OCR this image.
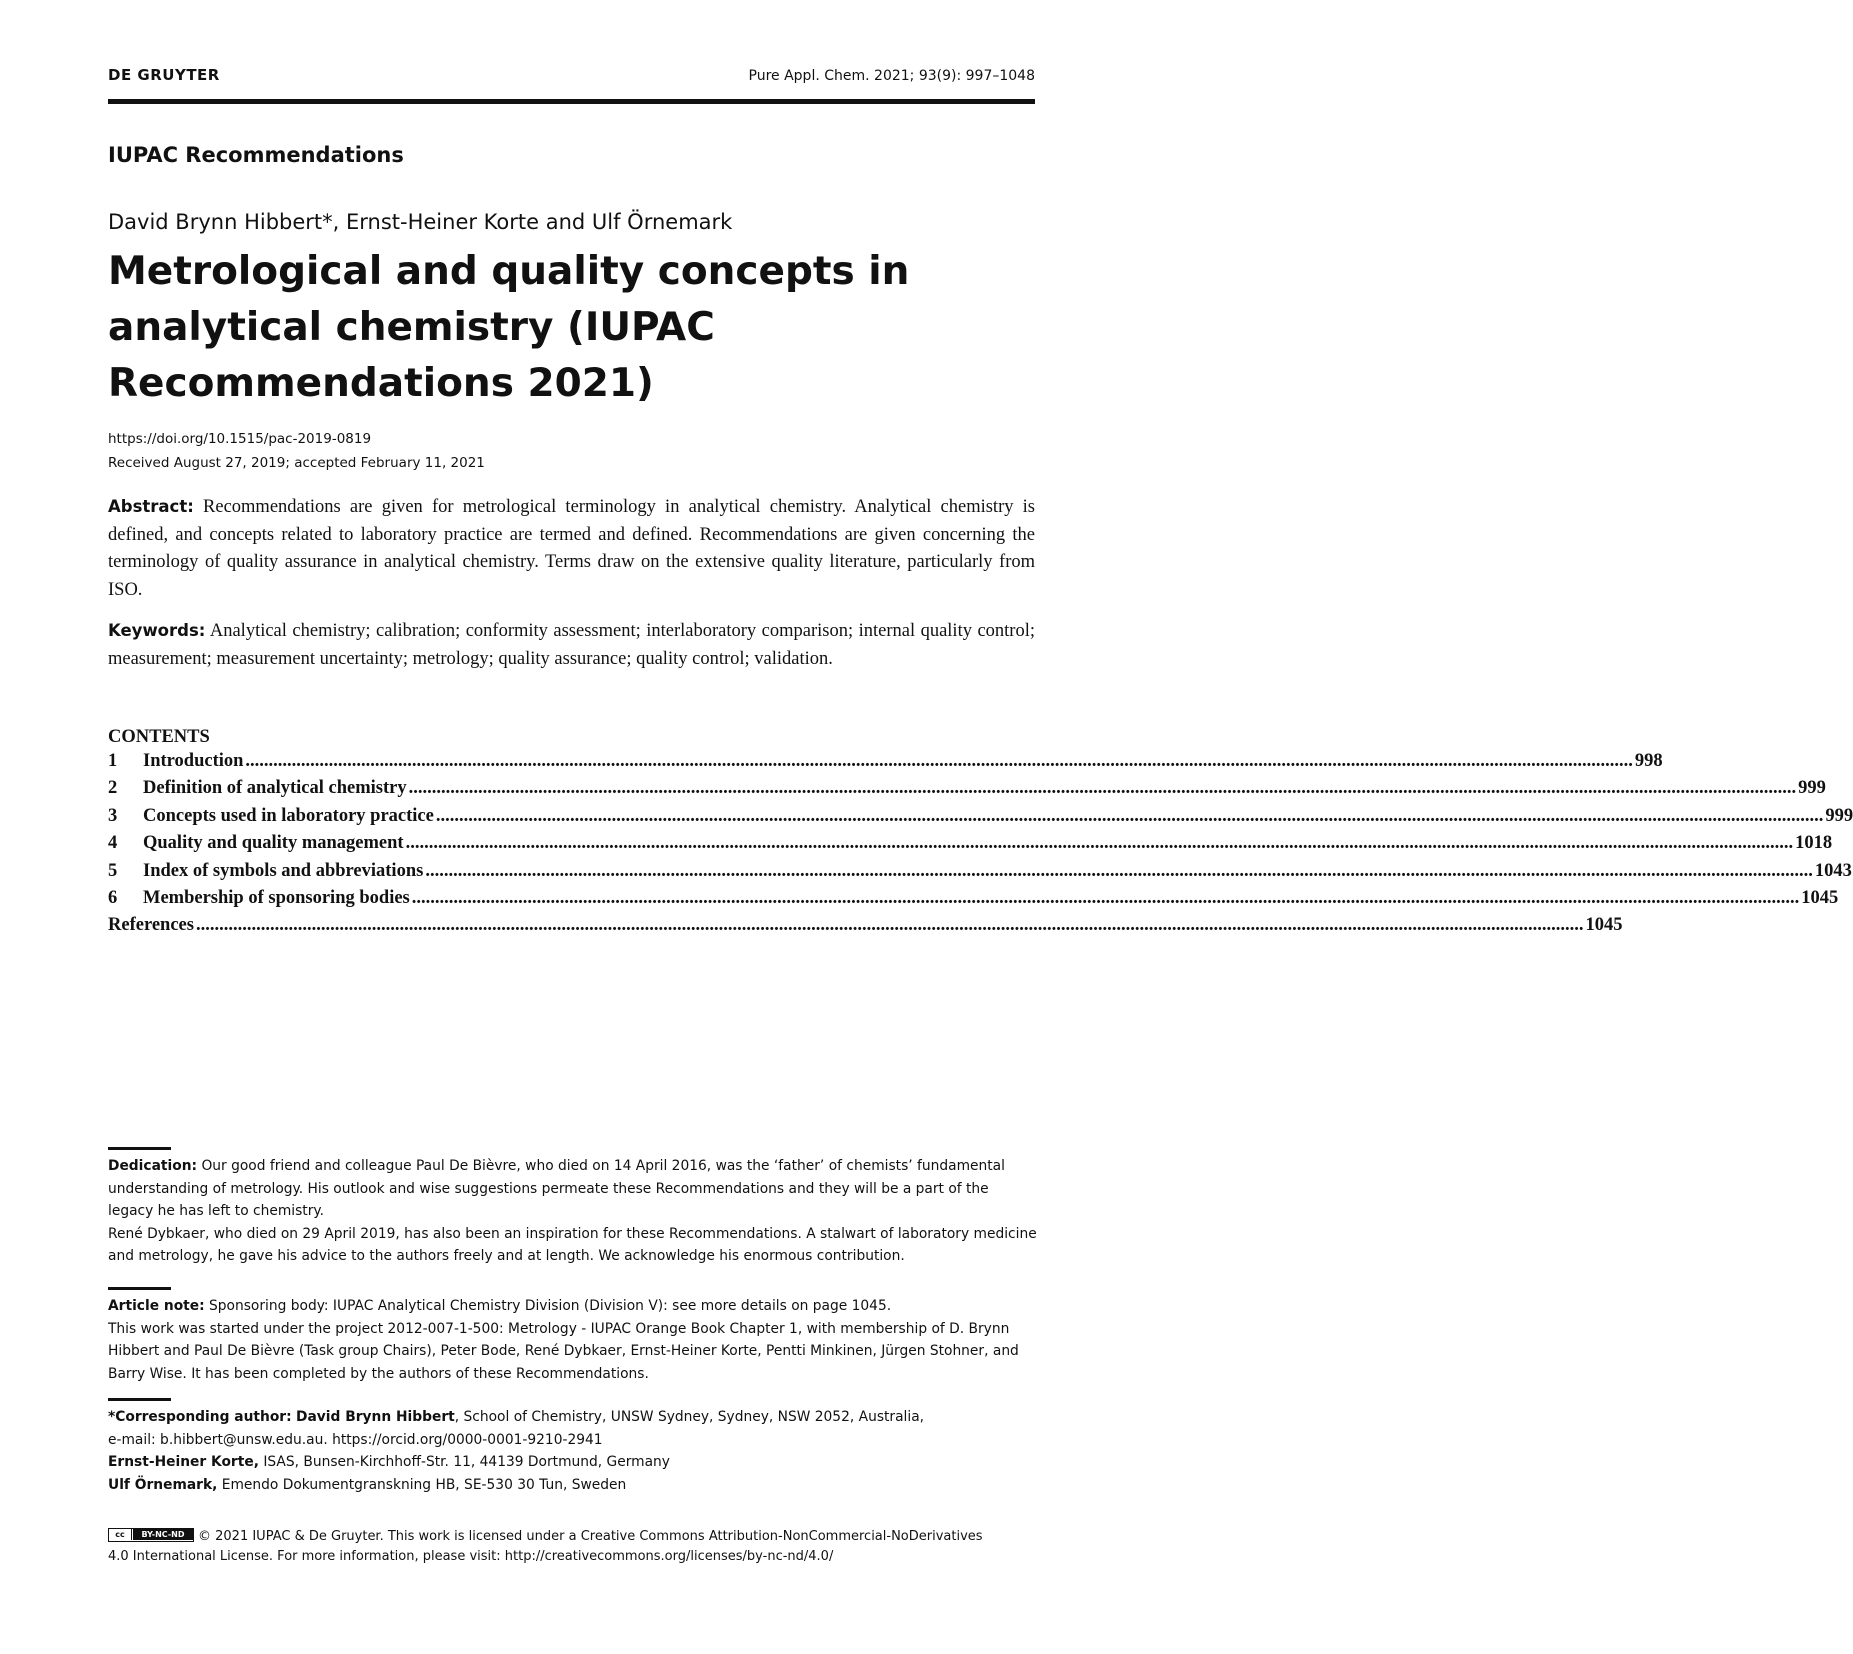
DE GRUYTER	Pure Appl. Chem. 2021; 93(9): 997–1048
IUPAC Recommendations
David Brynn Hibbert*, Ernst-Heiner Korte and Ulf Örnemark
Metrological and quality concepts in
analytical chemistry (IUPAC
Recommendations 2021)
https://doi.org/10.1515/pac-2019-0819
Received August 27, 2019; accepted February 11, 2021
Abstract: Recommendations are given for metrological terminology in analytical chemistry. Analytical chemistry is defined, and concepts related to laboratory practice are termed and defined. Recommendations are given concerning the terminology of quality assurance in analytical chemistry. Terms draw on the extensive quality literature, particularly from ISO.
Keywords: Analytical chemistry; calibration; conformity assessment; interlaboratory comparison; internal quality control; measurement; measurement uncertainty; metrology; quality assurance; quality control; validation.
CONTENTS
1	Introduction ............................................................................................................................................................................................................................................................................................................ 998
2	Definition of analytical chemistry ............................................................................................................................................................................................................................................................................................................ 999
3	Concepts used in laboratory practice ............................................................................................................................................................................................................................................................................................................ 999
4	Quality and quality management ............................................................................................................................................................................................................................................................................................................ 1018
5	Index of symbols and abbreviations ............................................................................................................................................................................................................................................................................................................ 1043
6	Membership of sponsoring bodies ............................................................................................................................................................................................................................................................................................................ 1045
References ............................................................................................................................................................................................................................................................................................................ 1045
Dedication: Our good friend and colleague Paul De Bièvre, who died on 14 April 2016, was the ‘father’ of chemists’ fundamental understanding of metrology. His outlook and wise suggestions permeate these Recommendations and they will be a part of the legacy he has left to chemistry.
René Dybkaer, who died on 29 April 2019, has also been an inspiration for these Recommendations. A stalwart of laboratory medicine and metrology, he gave his advice to the authors freely and at length. We acknowledge his enormous contribution.
Article note: Sponsoring body: IUPAC Analytical Chemistry Division (Division V): see more details on page 1045.
This work was started under the project 2012-007-1-500: Metrology - IUPAC Orange Book Chapter 1, with membership of D. Brynn Hibbert and Paul De Bièvre (Task group Chairs), Peter Bode, René Dybkaer, Ernst-Heiner Korte, Pentti Minkinen, Jürgen Stohner, and Barry Wise. It has been completed by the authors of these Recommendations.
*Corresponding author: David Brynn Hibbert, School of Chemistry, UNSW Sydney, Sydney, NSW 2052, Australia,
e-mail: b.hibbert@unsw.edu.au. https://orcid.org/0000-0001-9210-2941
Ernst-Heiner Korte, ISAS, Bunsen-Kirchhoff-Str. 11, 44139 Dortmund, Germany
Ulf Örnemark, Emendo Dokumentgranskning HB, SE-530 30 Tun, Sweden
cc	BY-NC-ND	© 2021 IUPAC & De Gruyter. This work is licensed under a Creative Commons Attribution-NonCommercial-NoDerivatives
4.0 International License. For more information, please visit: http://creativecommons.org/licenses/by-nc-nd/4.0/
